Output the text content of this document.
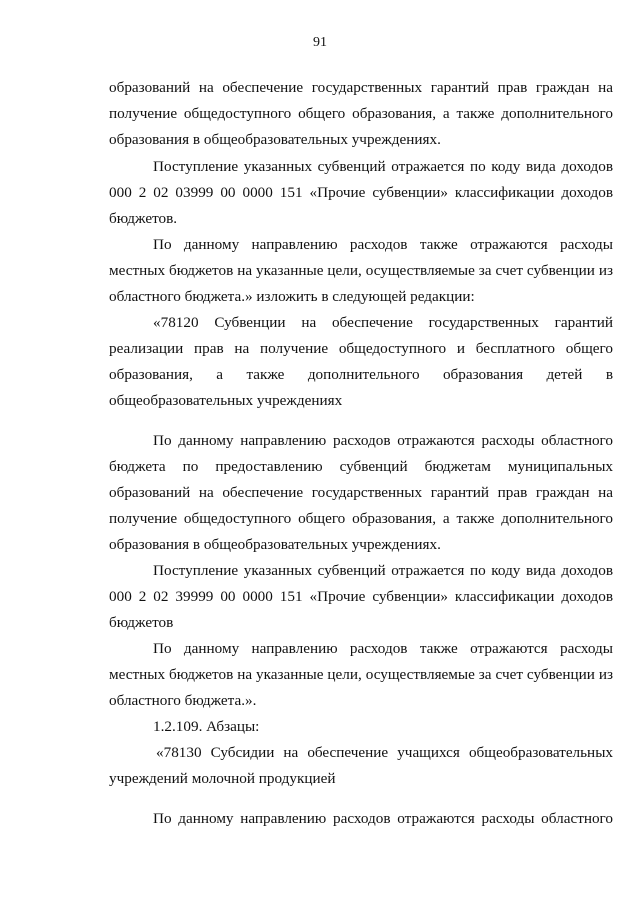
91
образований на обеспечение государственных гарантий прав граждан на
получение общедоступного общего образования, а также дополнительного
образования в общеобразовательных учреждениях.
Поступление указанных субвенций отражается по коду вида доходов
000 2 02 03999 00 0000 151 «Прочие субвенции» классификации доходов
бюджетов.
По данному направлению расходов также отражаются расходы
местных бюджетов на указанные цели, осуществляемые за счет субвенции из
областного бюджета.» изложить в следующей редакции:
«78120 Субвенции на обеспечение государственных гарантий
реализации прав на получение общедоступного и бесплатного общего
образования, а также дополнительного образования детей в
общеобразовательных учреждениях
По данному направлению расходов отражаются расходы областного
бюджета по предоставлению субвенций бюджетам муниципальных
образований на обеспечение государственных гарантий прав граждан на
получение общедоступного общего образования, а также дополнительного
образования в общеобразовательных учреждениях.
Поступление указанных субвенций отражается по коду вида доходов
000 2 02 39999 00 0000 151 «Прочие субвенции» классификации доходов
бюджетов
По данному направлению расходов также отражаются расходы
местных бюджетов на указанные цели, осуществляемые за счет субвенции из
областного бюджета.».
1.2.109. Абзацы:
«78130 Субсидии на обеспечение учащихся общеобразовательных
учреждений молочной продукцией
По данному направлению расходов отражаются расходы областного
